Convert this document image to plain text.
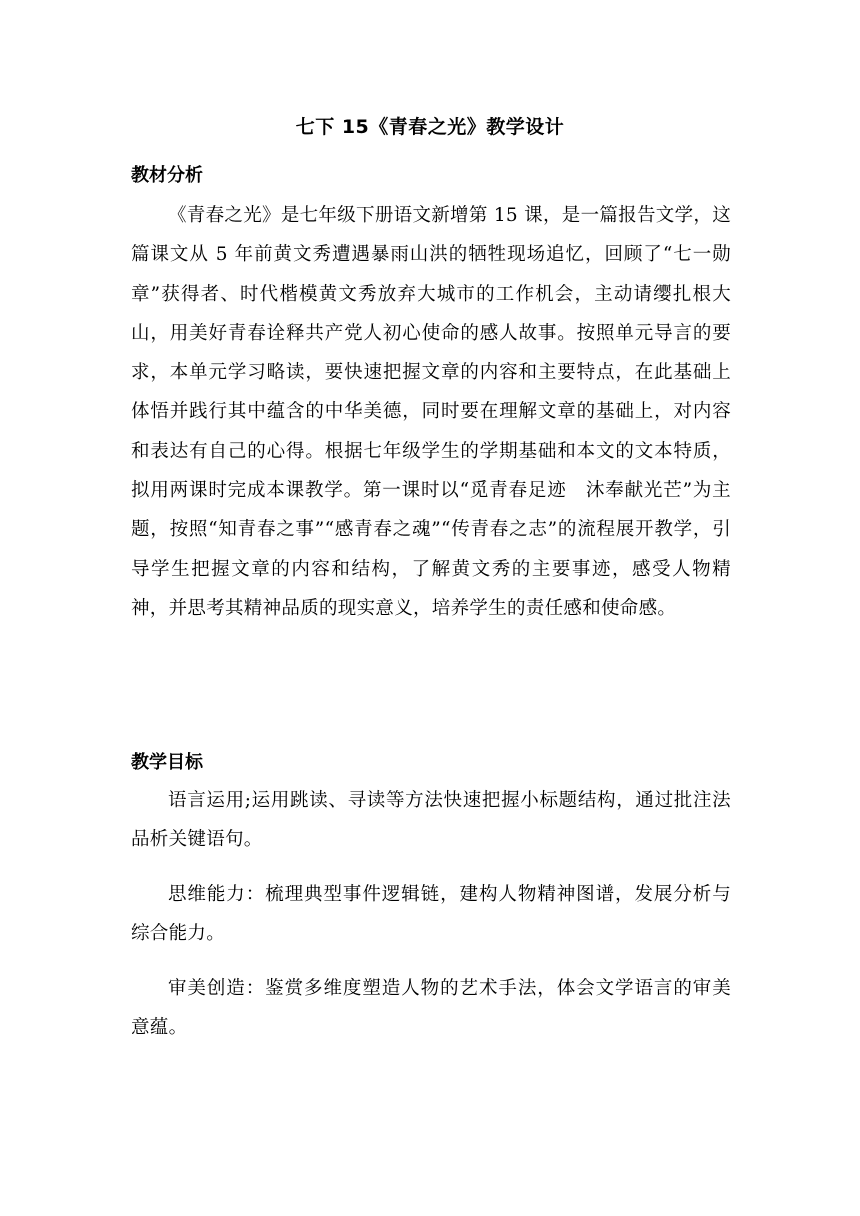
七下 15《青春之光》教学设计
教材分析

《青春之光》是七年级下册语文新增第 15 课，是一篇报告文学，这篇课文从 5 年前黄文秀遭遇暴雨山洪的牺牲现场追忆，回顾了“七一勋章”获得者、时代楷模黄文秀放弃大城市的工作机会，主动请缨扎根大山，用美好青春诠释共产党人初心使命的感人故事。按照单元导言的要求，本单元学习略读，要快速把握文章的内容和主要特点，在此基础上体悟并践行其中蕴含的中华美德，同时要在理解文章的基础上，对内容和表达有自己的心得。根据七年级学生的学期基础和本文的文本特质，拟用两课时完成本课教学。第一课时以“觅青春足迹　沐奉献光芒”为主题，按照“知青春之事”“感青春之魂”“传青春之志”的流程展开教学，引导学生把握文章的内容和结构，了解黄文秀的主要事迹，感受人物精神，并思考其精神品质的现实意义，培养学生的责任感和使命感。

教学目标

语言运用;运用跳读、寻读等方法快速把握小标题结构，通过批注法品析关键语句。

思维能力：梳理典型事件逻辑链，建构人物精神图谱，发展分析与综合能力。

审美创造：鉴赏多维度塑造人物的艺术手法，体会文学语言的审美意蕴。
